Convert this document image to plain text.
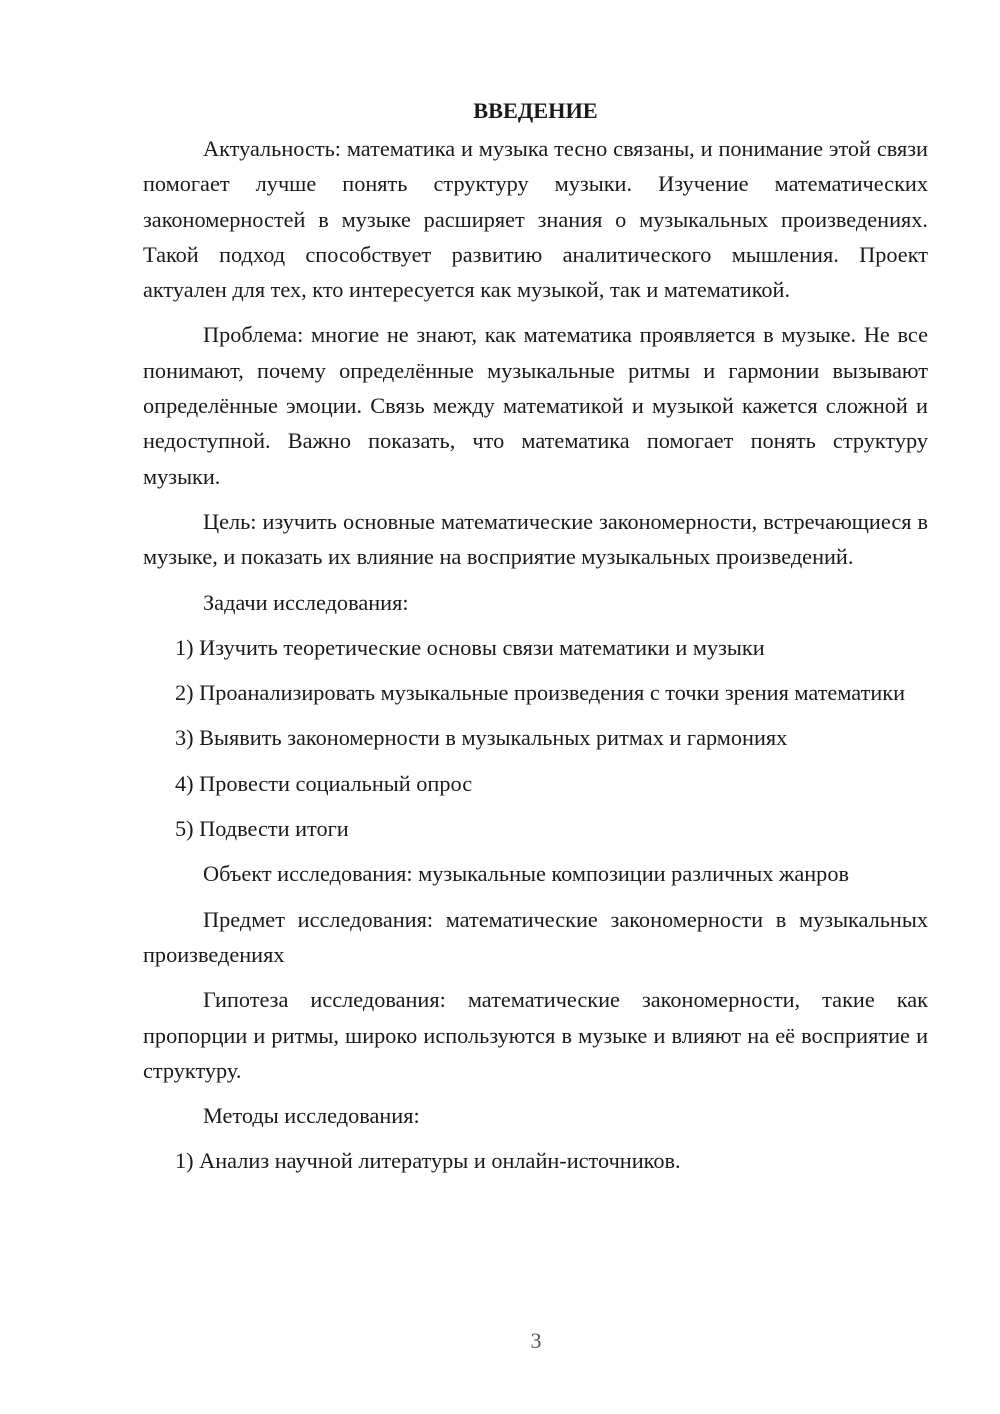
ВВЕДЕНИЕ

Актуальность: математика и музыка тесно связаны, и понимание этой связи помогает лучше понять структуру музыки. Изучение математических закономерностей в музыке расширяет знания о музыкальных произведениях. Такой подход способствует развитию аналитического мышления. Проект актуален для тех, кто интересуется как музыкой, так и математикой.

Проблема: многие не знают, как математика проявляется в музыке. Не все понимают, почему определённые музыкальные ритмы и гармонии вызывают определённые эмоции. Связь между математикой и музыкой кажется сложной и недоступной. Важно показать, что математика помогает понять структуру музыки.

Цель: изучить основные математические закономерности, встречающиеся в музыке, и показать их влияние на восприятие музыкальных произведений.

Задачи исследования:

1) Изучить теоретические основы связи математики и музыки

2) Проанализировать музыкальные произведения с точки зрения математики

3) Выявить закономерности в музыкальных ритмах и гармониях

4) Провести социальный опрос

5) Подвести итоги

Объект исследования: музыкальные композиции различных жанров

Предмет исследования: математические закономерности в музыкальных произведениях

Гипотеза исследования: математические закономерности, такие как пропорции и ритмы, широко используются в музыке и влияют на её восприятие и структуру.

Методы исследования:

1) Анализ научной литературы и онлайн-источников.

3
